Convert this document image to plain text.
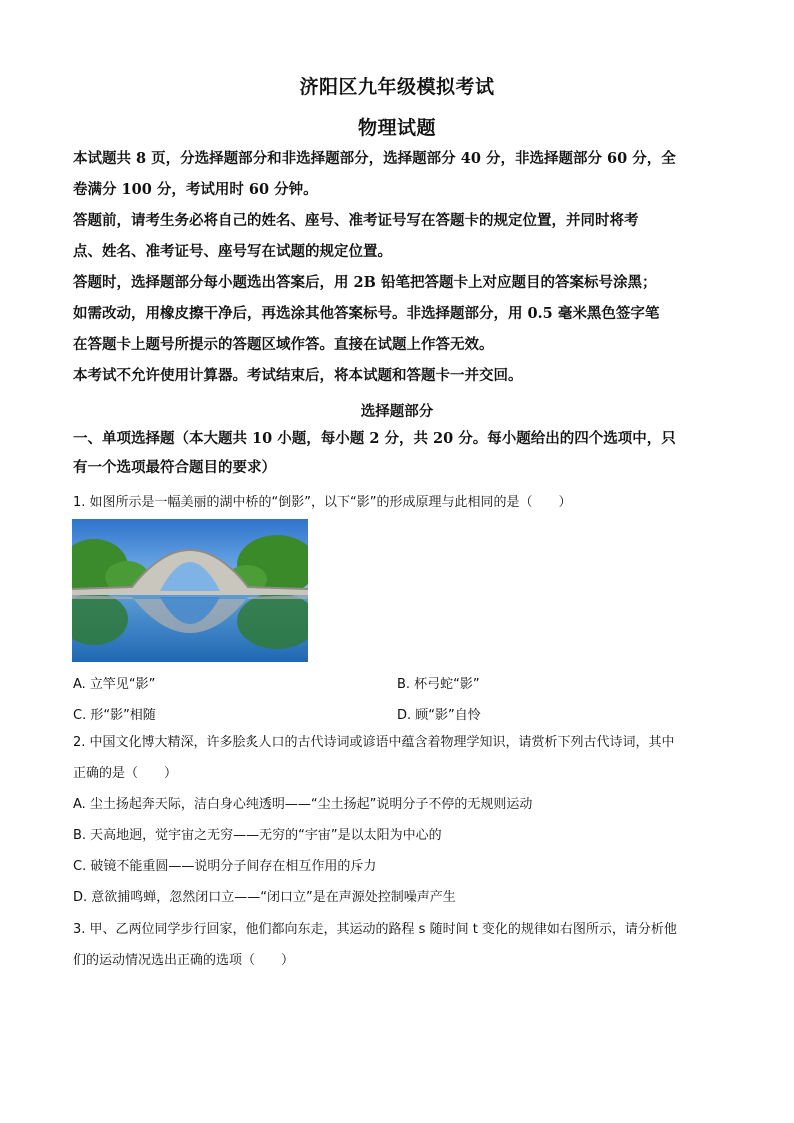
济阳区九年级模拟考试
物理试题

本试题共 8 页，分选择题部分和非选择题部分，选择题部分 40 分，非选择题部分 60 分，全

卷满分 100 分，考试用时 60 分钟。

答题前，请考生务必将自己的姓名、座号、准考证号写在答题卡的规定位置，并同时将考

点、姓名、准考证号、座号写在试题的规定位置。

答题时，选择题部分每小题选出答案后，用 2B 铅笔把答题卡上对应题目的答案标号涂黑；

如需改动，用橡皮擦干净后，再选涂其他答案标号。非选择题部分，用 0.5 毫米黑色签字笔

在答题卡上题号所提示的答题区域作答。直接在试题上作答无效。

本考试不允许使用计算器。考试结束后，将本试题和答题卡一并交回。

选择题部分
一、单项选择题（本大题共 10 小题，每小题 2 分，共 20 分。每小题给出的四个选项中，只
有一个选项最符合题目的要求）

1. 如图所示是一幅美丽的湖中桥的“倒影”，以下“影”的形成原理与此相同的是（　　）

A. 立竿见“影”	B. 杯弓蛇“影”
C. 形“影”相随	D. 顾“影”自怜

2. 中国文化博大精深，许多脍炙人口的古代诗词或谚语中蕴含着物理学知识，请赏析下列古代诗词，其中

正确的是（　　）

A. 尘土扬起奔天际，洁白身心纯透明——“尘土扬起”说明分子不停的无规则运动

B. 天高地迥，觉宇宙之无穷——无穷的“宇宙”是以太阳为中心的

C. 破镜不能重圆——说明分子间存在相互作用的斥力

D. 意欲捕鸣蝉，忽然闭口立——“闭口立”是在声源处控制噪声产生

3. 甲、乙两位同学步行回家，他们都向东走，其运动的路程 s 随时间 t 变化的规律如右图所示，请分析他

们的运动情况选出正确的选项（　　）
